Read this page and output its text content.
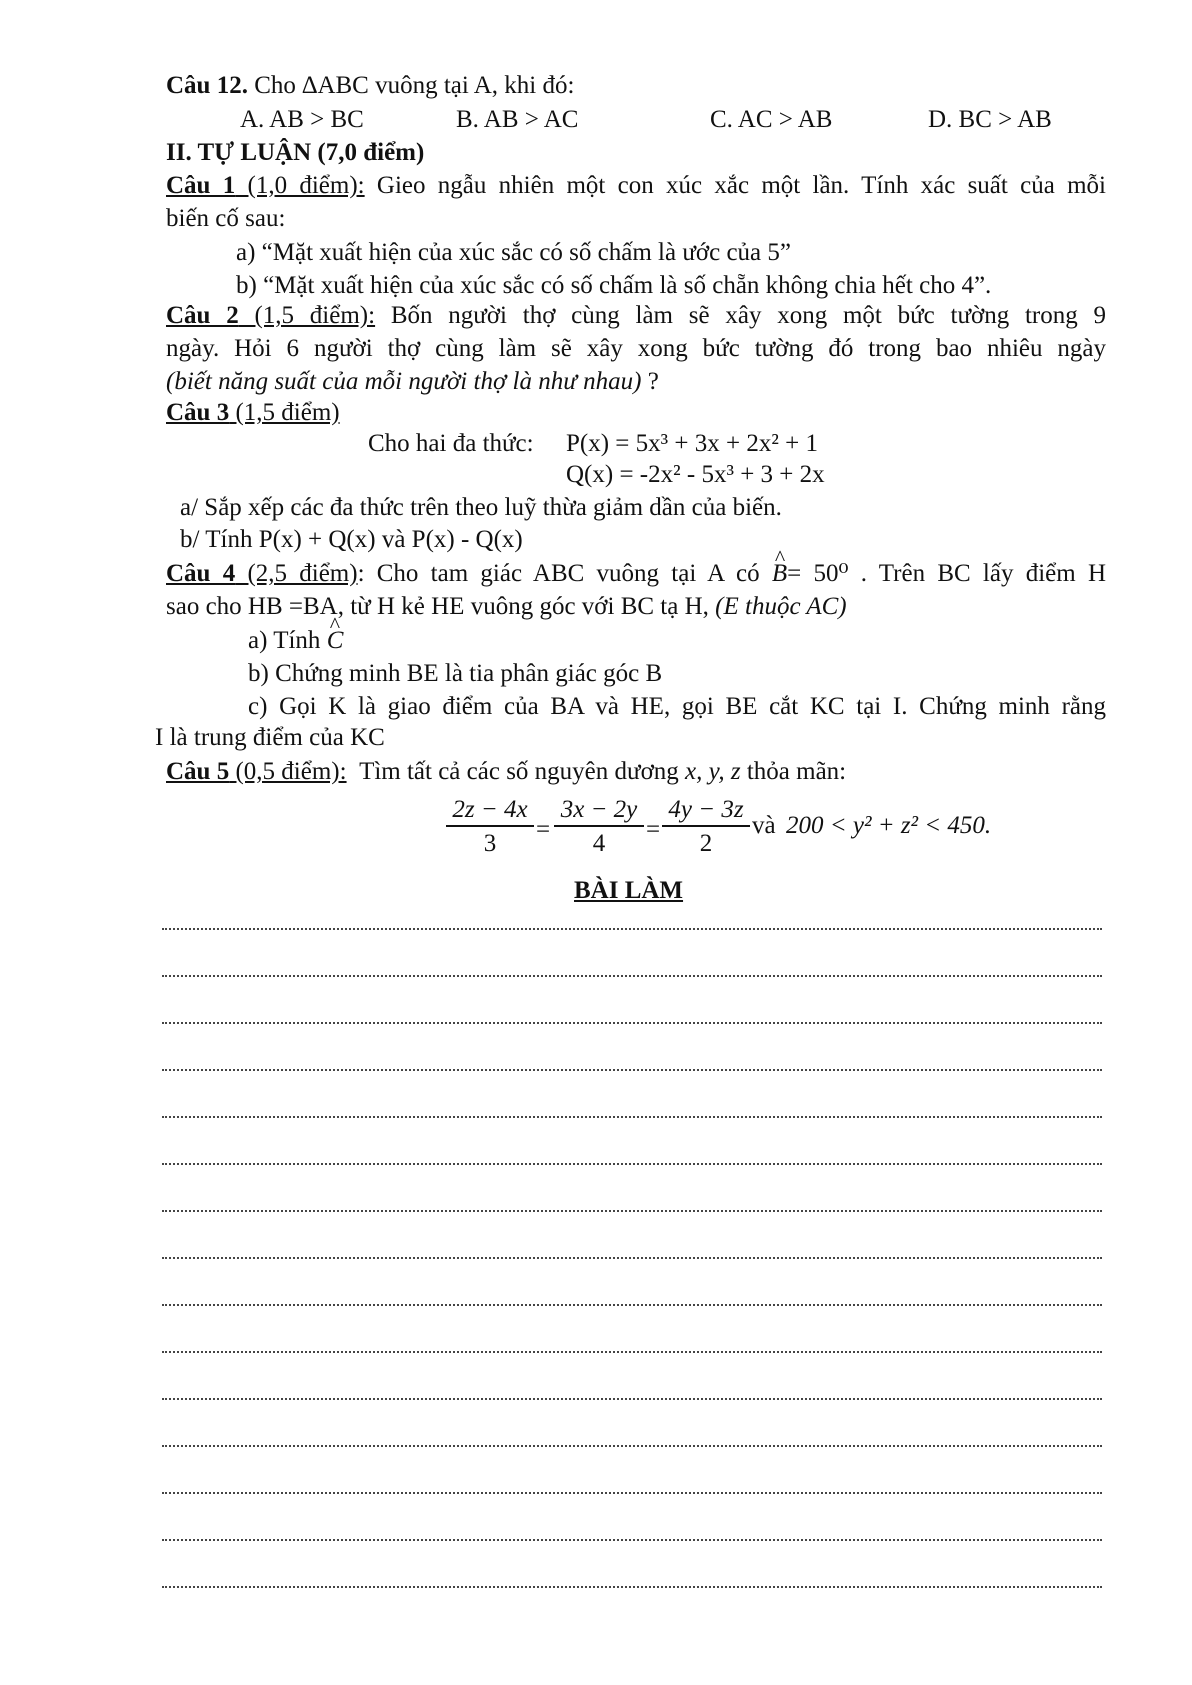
Câu 12. Cho ∆ABC vuông tại A, khi đó:
A. AB > BC	B. AB > AC	C. AC > AB	D. BC > AB
II. TỰ LUẬN (7,0 điểm)
Câu 1 (1,0 điểm): Gieo ngẫu nhiên một con xúc xắc một lần. Tính xác suất của mỗi
biến cố sau:
a) “Mặt xuất hiện của xúc sắc có số chấm là ước của 5”
b) “Mặt xuất hiện của xúc sắc có số chấm là số chẵn không chia hết cho 4”.
Câu 2 (1,5 điểm): Bốn người thợ cùng làm sẽ xây xong một bức tường trong 9
ngày. Hỏi 6 người thợ cùng làm sẽ xây xong bức tường đó trong bao nhiêu ngày
(biết năng suất của mỗi người thợ là như nhau) ?
Câu 3 (1,5 điểm)
Cho hai đa thức: P(x) = 5x³ + 3x + 2x² + 1
Q(x) = -2x² - 5x³ + 3 + 2x
a/ Sắp xếp các đa thức trên theo luỹ thừa giảm dần của biến.
b/ Tính P(x) + Q(x) và P(x) - Q(x)
Câu 4 (2,5 điểm): Cho tam giác ABC vuông tại A có ^ B= 50⁰ . Trên BC lấy điểm H
sao cho HB =BA, từ H kẻ HE vuông góc với BC tạ H, (E thuộc AC)
a) Tính ^ C
b) Chứng minh BE là tia phân giác góc B
c) Gọi K là giao điểm của BA và HE, gọi BE cắt KC tại I. Chứng minh rằng
I là trung điểm của KC
Câu 5 (0,5 điểm): Tìm tất cả các số nguyên dương x, y, z thỏa mãn:
$\frac{2z - 4x}{3} = \frac{3x - 2y}{4} = \frac{4y - 3z}{2}$ và 200 < y² + z² < 450.
BÀI LÀM
